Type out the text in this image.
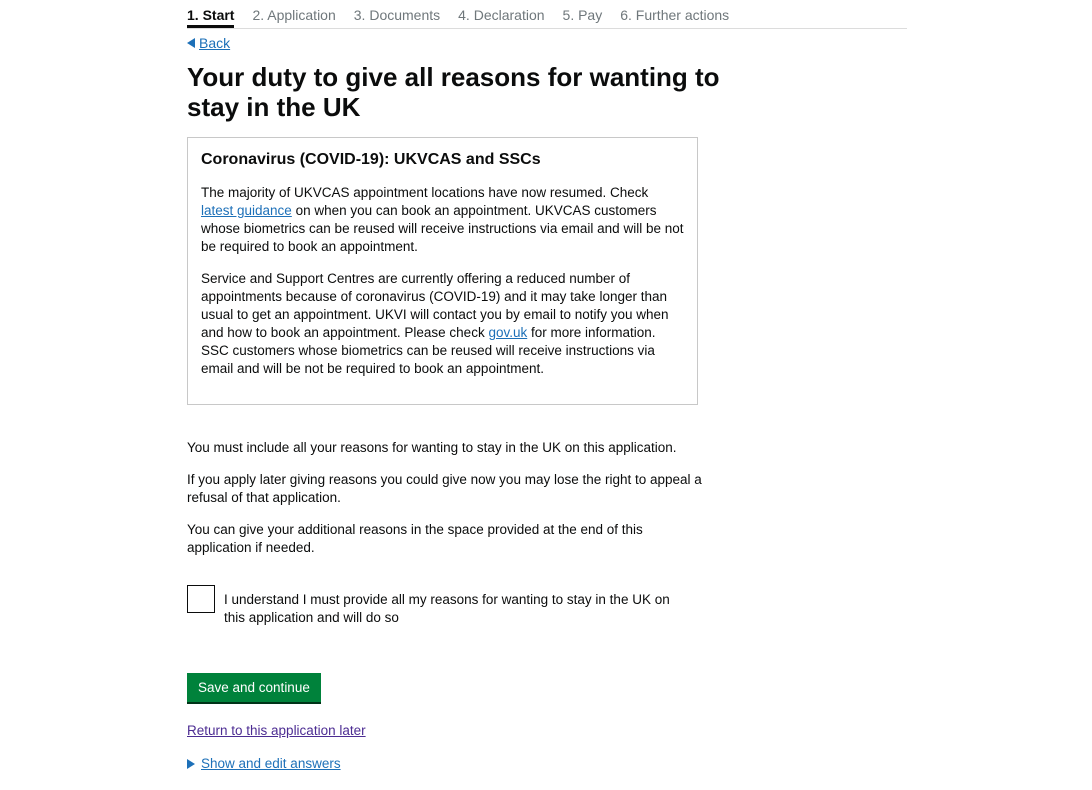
1. Start 2. Application 3. Documents 4. Declaration 5. Pay 6. Further actions
Back
Your duty to give all reasons for wanting to stay in the UK
Coronavirus (COVID-19): UKVCAS and SSCs

The majority of UKVCAS appointment locations have now resumed. Check latest guidance on when you can book an appointment. UKVCAS customers whose biometrics can be reused will receive instructions via email and will be not be required to book an appointment.

Service and Support Centres are currently offering a reduced number of appointments because of coronavirus (COVID-19) and it may take longer than usual to get an appointment. UKVI will contact you by email to notify you when and how to book an appointment. Please check gov.uk for more information. SSC customers whose biometrics can be reused will receive instructions via email and will be not be required to book an appointment.

You must include all your reasons for wanting to stay in the UK on this application.

If you apply later giving reasons you could give now you may lose the right to appeal a refusal of that application.

You can give your additional reasons in the space provided at the end of this application if needed.

I understand I must provide all my reasons for wanting to stay in the UK on this application and will do so
Save and continue
Return to this application later
Show and edit answers
